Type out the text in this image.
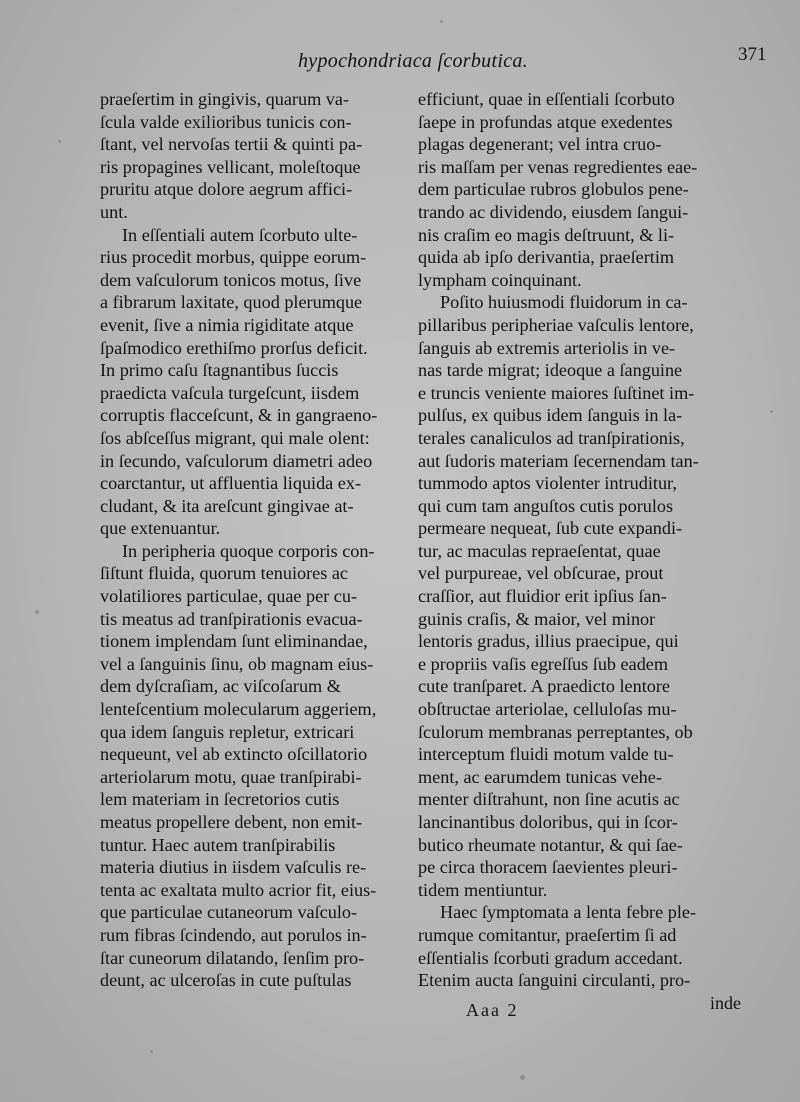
hypochondriaca ſcorbutica.	371
praeſertim in gingivis, quarum va-
ſcula valde exilioribus tunicis con-
ſtant, vel nervoſas tertii & quinti pa-
ris propagines vellicant, moleſtoque
pruritu atque dolore aegrum affici-
unt.
In eſſentiali autem ſcorbuto ulte-
rius procedit morbus, quippe eorum-
dem vaſculorum tonicos motus, ſive
a fibrarum laxitate, quod plerumque
evenit, ſive a nimia rigiditate atque
ſpaſmodico erethiſmo prorſus deficit.
In primo caſu ſtagnantibus ſuccis
praedicta vaſcula turgeſcunt, iisdem
corruptis flacceſcunt, & in gangraeno-
ſos abſceſſus migrant, qui male olent:
in ſecundo, vaſculorum diametri adeo
coarctantur, ut affluentia liquida ex-
cludant, & ita areſcunt gingivae at-
que extenuantur.
In peripheria quoque corporis con-
ſiſtunt fluida, quorum tenuiores ac
volatiliores particulae, quae per cu-
tis meatus ad tranſpirationis evacua-
tionem implendam ſunt eliminandae,
vel a ſanguinis ſinu, ob magnam eius-
dem dyſcraſiam, ac viſcoſarum &
lenteſcentium molecularum aggeriem,
qua idem ſanguis repletur, extricari
nequeunt, vel ab extincto oſcillatorio
arteriolarum motu, quae tranſpirabi-
lem materiam in ſecretorios cutis
meatus propellere debent, non emit-
tuntur. Haec autem tranſpirabilis
materia diutius in iisdem vaſculis re-
tenta ac exaltata multo acrior fit, eius-
que particulae cutaneorum vaſculo-
rum fibras ſcindendo, aut porulos in-
ſtar cuneorum dilatando, ſenſim pro-
deunt, ac ulceroſas in cute puſtulas
efficiunt, quae in eſſentiali ſcorbuto
ſaepe in profundas atque exedentes
plagas degenerant; vel intra cruo-
ris maſſam per venas regredientes eae-
dem particulae rubros globulos pene-
trando ac dividendo, eiusdem ſangui-
nis craſim eo magis deſtruunt, & li-
quida ab ipſo derivantia, praeſertim
lympham coinquinant.
Poſito huiusmodi fluidorum in ca-
pillaribus peripheriae vaſculis lentore,
ſanguis ab extremis arteriolis in ve-
nas tarde migrat; ideoque a ſanguine
e truncis veniente maiores ſuſtinet im-
pulſus, ex quibus idem ſanguis in la-
terales canaliculos ad tranſpirationis,
aut ſudoris materiam ſecernendam tan-
tummodo aptos violenter intruditur,
qui cum tam anguſtos cutis porulos
permeare nequeat, ſub cute expandi-
tur, ac maculas repraeſentat, quae
vel purpureae, vel obſcurae, prout
craſſior, aut fluidior erit ipſius ſan-
guinis craſis, & maior, vel minor
lentoris gradus, illius praecipue, qui
e propriis vaſis egreſſus ſub eadem
cute tranſparet. A praedicto lentore
obſtructae arteriolae, celluloſas mu-
ſculorum membranas perreptantes, ob
interceptum fluidi motum valde tu-
ment, ac earumdem tunicas vehe-
menter diſtrahunt, non ſine acutis ac
lancinantibus doloribus, qui in ſcor-
butico rheumate notantur, & qui ſae-
pe circa thoracem ſaevientes pleuri-
tidem mentiuntur.
Haec ſymptomata a lenta febre ple-
rumque comitantur, praeſertim ſi ad
eſſentialis ſcorbuti gradum accedant.
Etenim aucta ſanguini circulanti, pro-
Aaa 2	inde
